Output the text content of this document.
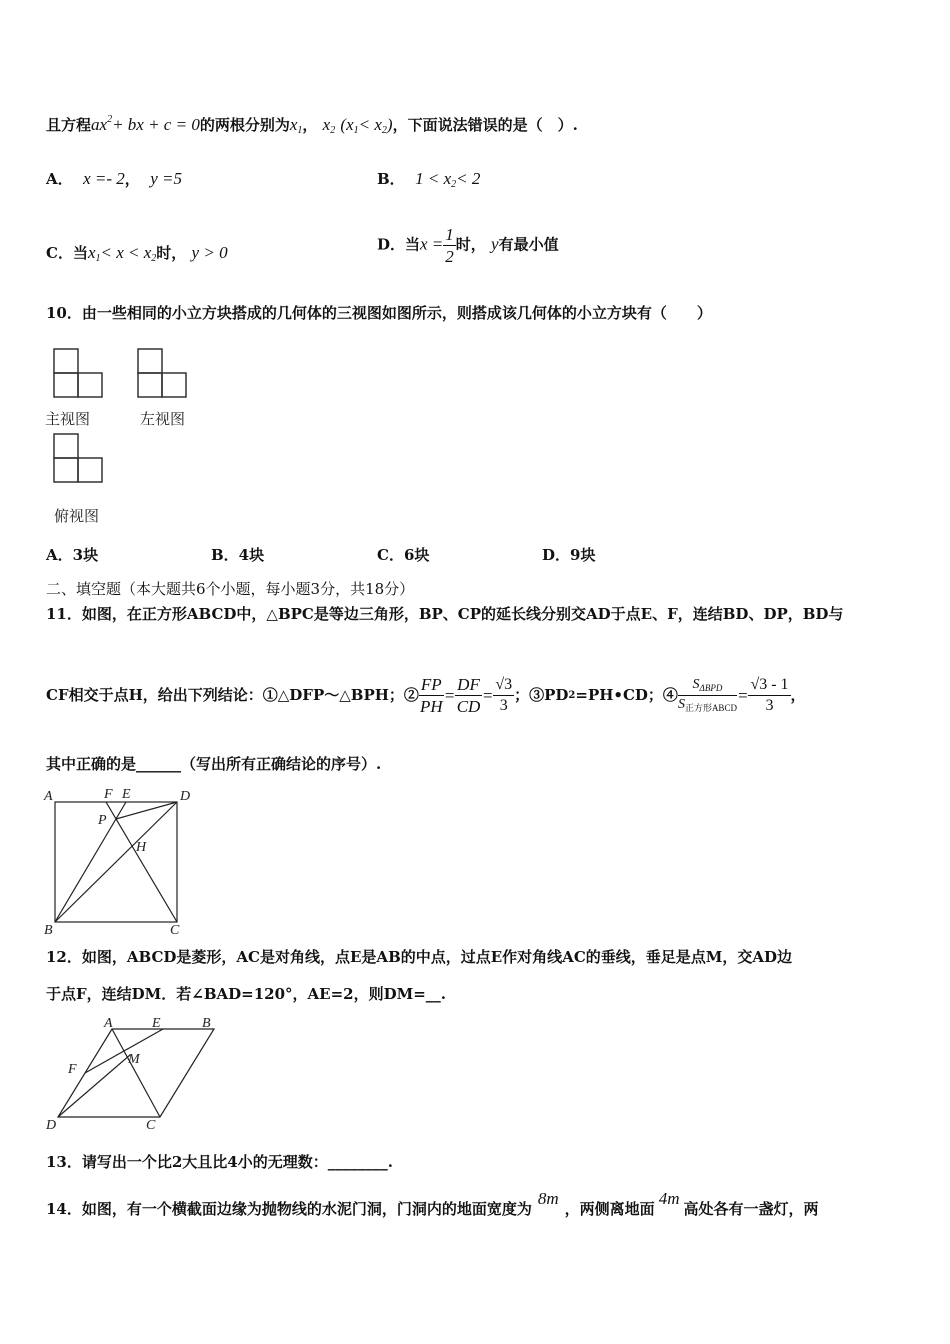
且方程$ax^2+$ bx + c = 0的两根分别为$x_1$， $x_2$ $(x_1< x_2)$，下面说法错误的是（　）.
A． x =- 2， y =5	B． $1 < x_2< 2$
C．当$x_1< x < x_2$时， y > 0	D．当$x = \frac{1}{2}$ 时， y有最小值
10．由一些相同的小立方块搭成的几何体的三视图如图所示，则搭成该几何体的小立方块有（　　）
主视图	左视图
俯视图
A．3块	B．4块	C．6块	D．9块
二、填空题（本大题共6个小题，每小题3分，共18分）
11．如图，在正方形ABCD中，△BPC是等边三角形，BP、CP的延长线分别交AD于点E、F，连结BD、DP，BD与
CF相交于点H，给出下列结论：①△DFP～△BPH；② $\frac{FP}{PH} = \frac{DF}{CD} = \frac{√3}{3}$ ；③PD 2 =PH•CD；④ $\frac{S_{\Delta BPD}}{S_{正方形ABCD}} = \frac{√3 - 1}{3}$ ，
其中正确的是______（写出所有正确结论的序号）.
A	F E	D
P
H
B	C
12．如图，ABCD是菱形，AC是对角线，点E是AB的中点，过点E作对角线AC的垂线，垂足是点M，交AD边
于点F，连结DM．若∠BAD=120°，AE=2，则DM=__.
A	E	B
F
M
D	C
13．请写出一个比2大且比4小的无理数：________.
14．如图，有一个横截面边缘为抛物线的水泥门洞，门洞内的地面宽度为8m，两侧离地面4m高处各有一盏灯，两
